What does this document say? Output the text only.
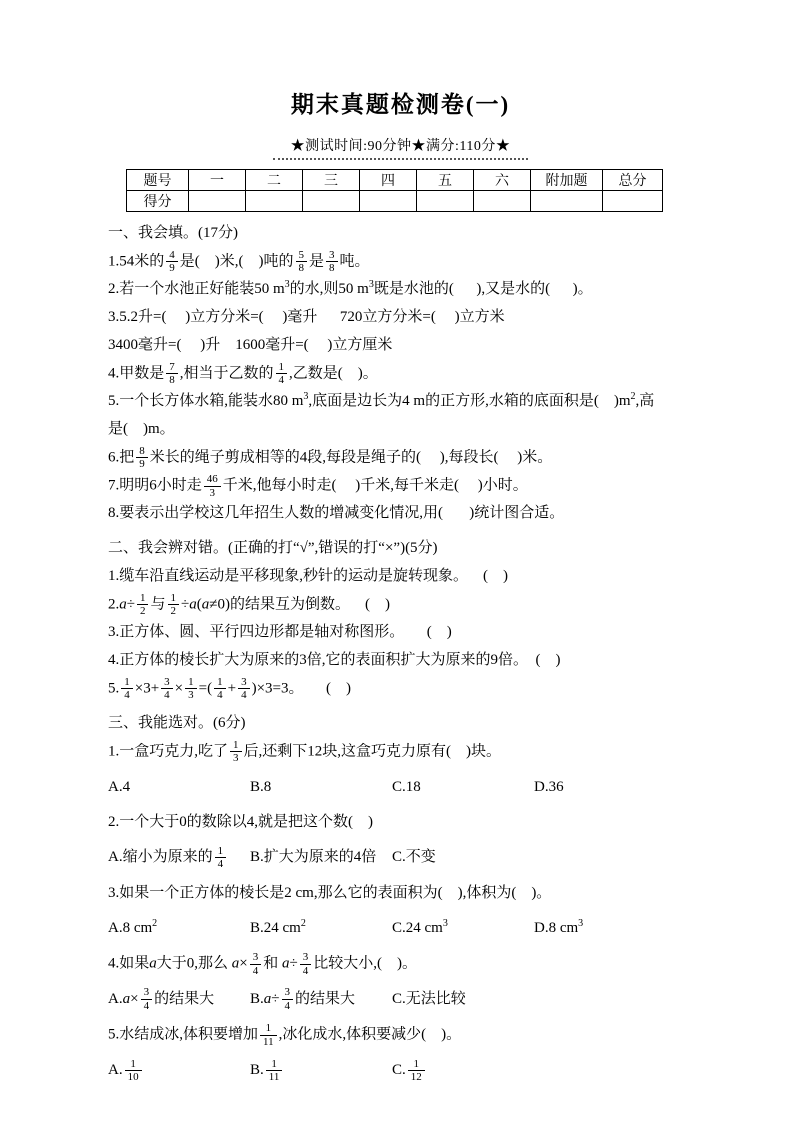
期末真题检测卷(一)
★测试时间:90分钟★满分:110分★
题号	一	二	三	四	五	六	附加题	总分
得分								
一、我会填。(17分)
1.54米的 $\frac{4}{9}$ 是(    )米,(    )吨的 $\frac{5}{8}$ 是 $\frac{3}{8}$ 吨。
2.若一个水池正好能装50 $m^3$的水,则50 $m^3$既是水池的(      ),又是水的(      )。
3.5.2升=(     )立方分米=(     )毫升      720立方分米=(     )立方米
3400毫升=(     )升    1600毫升=(     )立方厘米
4.甲数是 $\frac{7}{8}$ ,相当于乙数的 $\frac{1}{4}$ ,乙数是(    )。
5.一个长方体水箱,能装水80 $m^3$,底面是边长为4 m的正方形,水箱的底面积是(    )$m^2$,高
是(    )m。
6.把 $\frac{8}{9}$ 米长的绳子剪成相等的4段,每段是绳子的(     ),每段长(     )米。
7.明明6小时走 $\frac{46}{3}$ 千米,他每小时走(     )千米,每千米走(     )小时。
8.要表示出学校这几年招生人数的增减变化情况,用(       )统计图合适。
二、我会辨对错。(正确的打“√”,错误的打“×”)(5分)
1.缆车沿直线运动是平移现象,秒针的运动是旋转现象。    (    )
$2.a\div \frac{1}{2}$ 与 $\frac{1}{2} \div a(a\ne 0)$的结果互为倒数。    (    )
3.正方体、圆、平行四边形都是轴对称图形。      (    )
4.正方体的棱长扩大为原来的3倍,它的表面积扩大为原来的9倍。  (    )
5. $\frac{1}{4} \times 3+ \frac{3}{4} \times \frac{1}{3}$ =( $\frac{1}{4} + \frac{3}{4} )\times 3=3$。      (    )
三、我能选对。(6分)
1.一盒巧克力,吃了 $\frac{1}{3}$ 后,还剩下12块,这盒巧克力原有(    )块。
A.4	B.8	C.18	D.36
2.一个大于0的数除以4,就是把这个数(    )
A.缩小为原来的 $\frac{1}{4} B$.扩大为原来的4倍 C.不变
3.如果一个正方体的棱长是2 cm,那么它的表面积为(    ),体积为(    )。
A.8 $cm^2$	B.24 $cm^2$	C.24 $cm^3$	D.8 $cm^3$
4.如果a大于0,那么 $a\times \frac{3}{4}$ 和 $a\div \frac{3}{4}$ 比较大小,(    )。
$A.a\times \frac{3}{4}$ 的结果大 $B.a\div \frac{3}{4}$ 的结果大 C.无法比较
5.水结成冰,体积要增加 $\frac{1}{11}$ ,冰化成水,体积要减少(    )。
A. $\frac{1}{10}$	B. $\frac{1}{11}$	C. $\frac{1}{12}$
